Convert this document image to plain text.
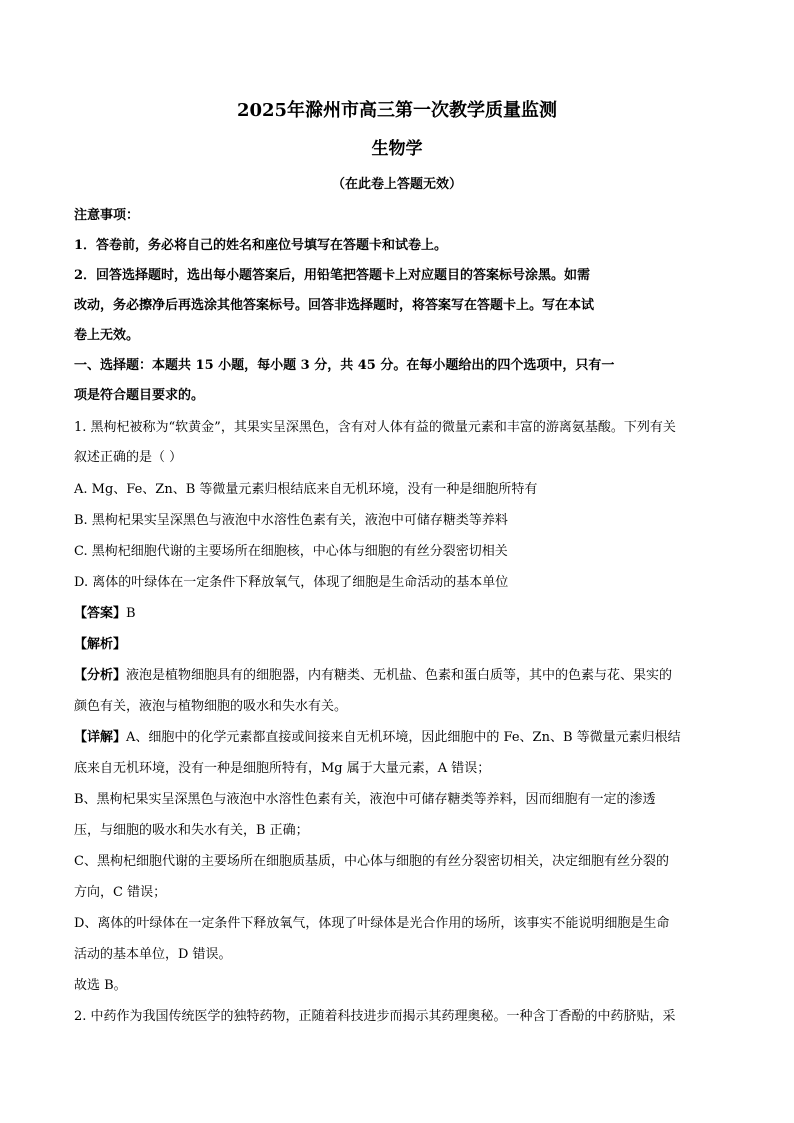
2025年滁州市高三第一次教学质量监测
生物学
（在此卷上答题无效）
注意事项：
1．答卷前，务必将自己的姓名和座位号填写在答题卡和试卷上。
2．回答选择题时，选出每小题答案后，用铅笔把答题卡上对应题目的答案标号涂黑。如需
改动，务必擦净后再选涂其他答案标号。回答非选择题时，将答案写在答题卡上。写在本试
卷上无效。
一、选择题：本题共 15 小题，每小题 3 分，共 45 分。在每小题给出的四个选项中，只有一
项是符合题目要求的。
1. 黑枸杞被称为“软黄金”，其果实呈深黑色，含有对人体有益的微量元素和丰富的游离氨基酸。下列有关
叙述正确的是（ ）
A. Mg、Fe、Zn、B 等微量元素归根结底来自无机环境，没有一种是细胞所特有
B. 黑枸杞果实呈深黑色与液泡中水溶性色素有关，液泡中可储存糖类等养料
C. 黑枸杞细胞代谢的主要场所在细胞核，中心体与细胞的有丝分裂密切相关
D. 离体的叶绿体在一定条件下释放氧气，体现了细胞是生命活动的基本单位
【答案】B
【解析】
【分析】液泡是植物细胞具有的细胞器，内有糖类、无机盐、色素和蛋白质等，其中的色素与花、果实的
颜色有关，液泡与植物细胞的吸水和失水有关。
【详解】A、细胞中的化学元素都直接或间接来自无机环境，因此细胞中的 Fe、Zn、B 等微量元素归根结
底来自无机环境，没有一种是细胞所特有，Mg 属于大量元素，A 错误；
B、黑枸杞果实呈深黑色与液泡中水溶性色素有关，液泡中可储存糖类等养料，因而细胞有一定的渗透
压，与细胞的吸水和失水有关，B 正确；
C、黑枸杞细胞代谢的主要场所在细胞质基质，中心体与细胞的有丝分裂密切相关，决定细胞有丝分裂的
方向，C 错误；
D、离体的叶绿体在一定条件下释放氧气，体现了叶绿体是光合作用的场所，该事实不能说明细胞是生命
活动的基本单位，D 错误。
故选 B。
2. 中药作为我国传统医学的独特药物，正随着科技进步而揭示其药理奥秘。一种含丁香酚的中药脐贴，采
